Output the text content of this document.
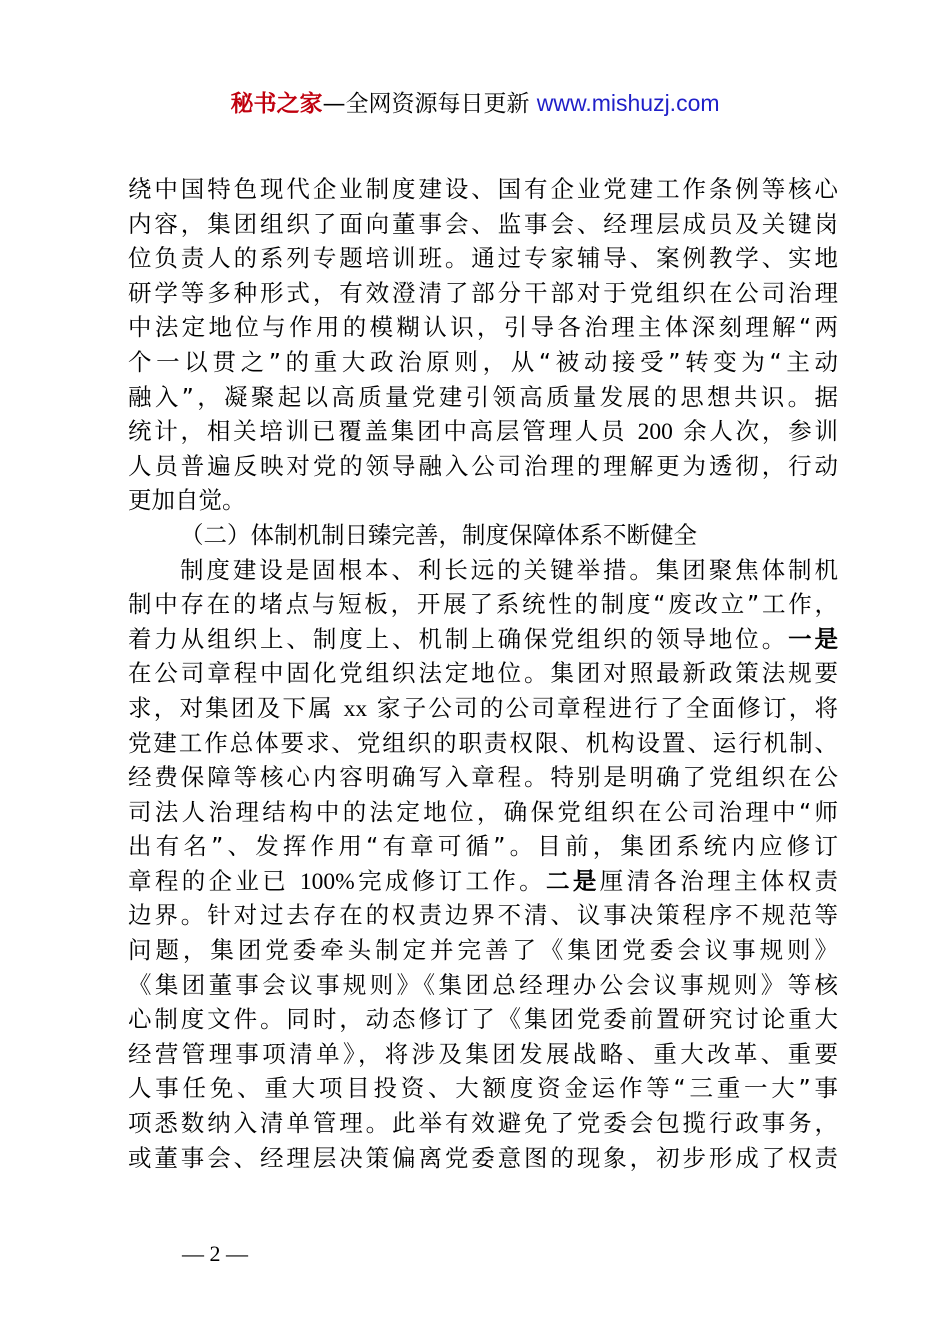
秘书之家—全网资源每日更新 www.mishuzj.com
绕中国特色现代企业制度建设、国有企业党建工作条例等核心
内容，集团组织了面向董事会、监事会、经理层成员及关键岗
位负责人的系列专题培训班。通过专家辅导、案例教学、实地
研学等多种形式，有效澄清了部分干部对于党组织在公司治理
中法定地位与作用的模糊认识，引导各治理主体深刻理解“两
个一以贯之”的重大政治原则，从“被动接受”转变为“主动
融入”，凝聚起以高质量党建引领高质量发展的思想共识。据
统计，相关培训已覆盖集团中高层管理人员 200 余人次，参训
人员普遍反映对党的领导融入公司治理的理解更为透彻，行动
更加自觉。
（二）体制机制日臻完善，制度保障体系不断健全
制度建设是固根本、利长远的关键举措。集团聚焦体制机
制中存在的堵点与短板，开展了系统性的制度“废改立”工作，
着力从组织上、制度上、机制上确保党组织的领导地位。一是
在公司章程中固化党组织法定地位。集团对照最新政策法规要
求，对集团及下属 xx 家子公司的公司章程进行了全面修订，将
党建工作总体要求、党组织的职责权限、机构设置、运行机制、
经费保障等核心内容明确写入章程。特别是明确了党组织在公
司法人治理结构中的法定地位，确保党组织在公司治理中“师
出有名”、发挥作用“有章可循”。目前，集团系统内应修订
章程的企业已 100%完成修订工作。二是厘清各治理主体权责
边界。针对过去存在的权责边界不清、议事决策程序不规范等
问题，集团党委牵头制定并完善了《集团党委会议事规则》
《集团董事会议事规则》《集团总经理办公会议事规则》等核
心制度文件。同时，动态修订了《集团党委前置研究讨论重大
经营管理事项清单》，将涉及集团发展战略、重大改革、重要
人事任免、重大项目投资、大额度资金运作等“三重一大”事
项悉数纳入清单管理。此举有效避免了党委会包揽行政事务，
或董事会、经理层决策偏离党委意图的现象，初步形成了权责
— 2 —
